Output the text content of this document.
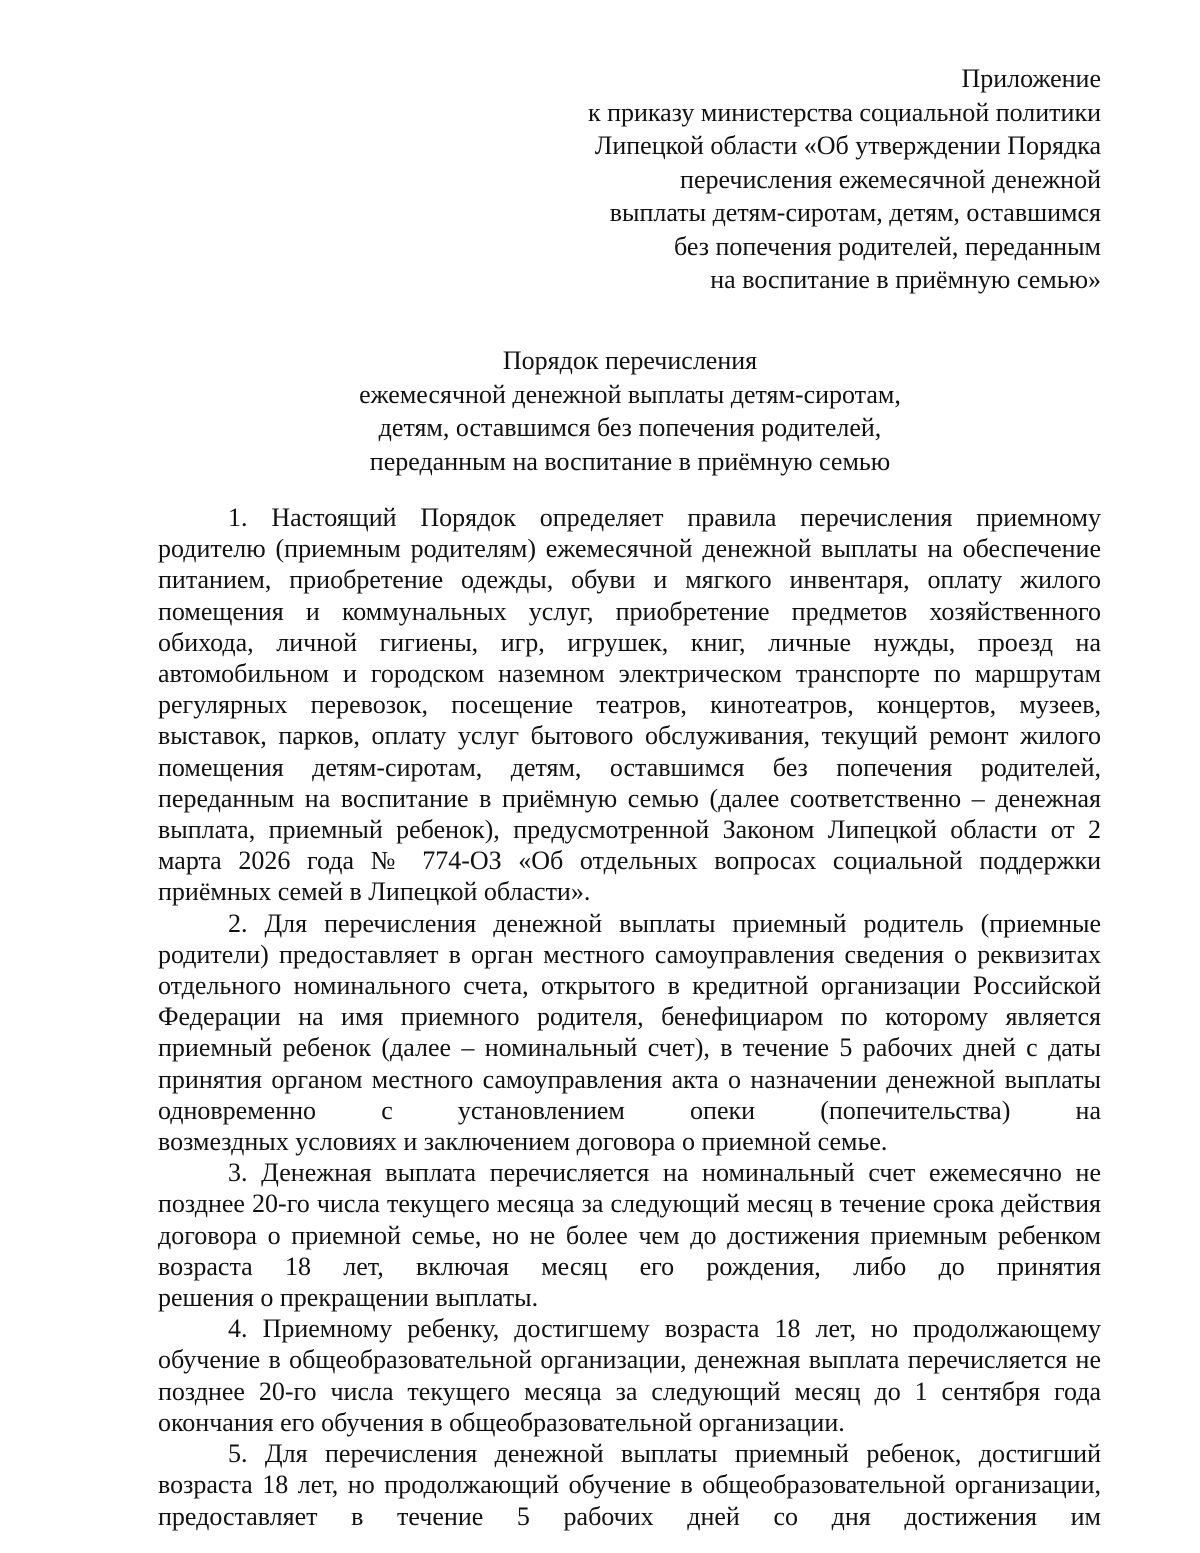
Приложение
к приказу министерства социальной политики
Липецкой области «Об утверждении Порядка
перечисления ежемесячной денежной
выплаты детям-сиротам, детям, оставшимся
без попечения родителей, переданным
на воспитание в приёмную семью»
Порядок перечисления
ежемесячной денежной выплаты детям-сиротам,
детям, оставшимся без попечения родителей,
переданным на воспитание в приёмную семью

1. Настоящий Порядок определяет правила перечисления приемному родителю (приемным родителям) ежемесячной денежной выплаты на обеспечение питанием, приобретение одежды, обуви и мягкого инвентаря, оплату жилого помещения и коммунальных услуг, приобретение предметов хозяйственного обихода, личной гигиены, игр, игрушек, книг, личные нужды, проезд на автомобильном и городском наземном электрическом транспорте по маршрутам регулярных перевозок, посещение театров, кинотеатров, концертов, музеев, выставок, парков, оплату услуг бытового обслуживания, текущий ремонт жилого помещения детям-сиротам, детям, оставшимся без попечения родителей, переданным на воспитание в приёмную семью (далее соответственно – денежная выплата, приемный ребенок), предусмотренной Законом Липецкой области от 2 марта 2026 года № 774-ОЗ «Об отдельных вопросах социальной поддержки
приёмных семей в Липецкой области».

2. Для перечисления денежной выплаты приемный родитель (приемные родители) предоставляет в орган местного самоуправления сведения о реквизитах отдельного номинального счета, открытого в кредитной организации Российской Федерации на имя приемного родителя, бенефициаром по которому является приемный ребенок (далее – номинальный счет), в течение 5 рабочих дней с даты принятия органом местного самоуправления акта о назначении денежной выплаты одновременно с установлением опеки (попечительства) на
возмездных условиях и заключением договора о приемной семье.

3. Денежная выплата перечисляется на номинальный счет ежемесячно не позднее 20-го числа текущего месяца за следующий месяц в течение срока действия договора о приемной семье, но не более чем до достижения приемным ребенком возраста 18 лет, включая месяц его рождения, либо до принятия
решения о прекращении выплаты.

4. Приемному ребенку, достигшему возраста 18 лет, но продолжающему обучение в общеобразовательной организации, денежная выплата перечисляется не позднее 20-го числа текущего месяца за следующий месяц до 1 сентября года
окончания его обучения в общеобразовательной организации.

5. Для перечисления денежной выплаты приемный ребенок, достигший возраста 18 лет, но продолжающий обучение в общеобразовательной организации, предоставляет в течение 5 рабочих дней со дня достижения им
